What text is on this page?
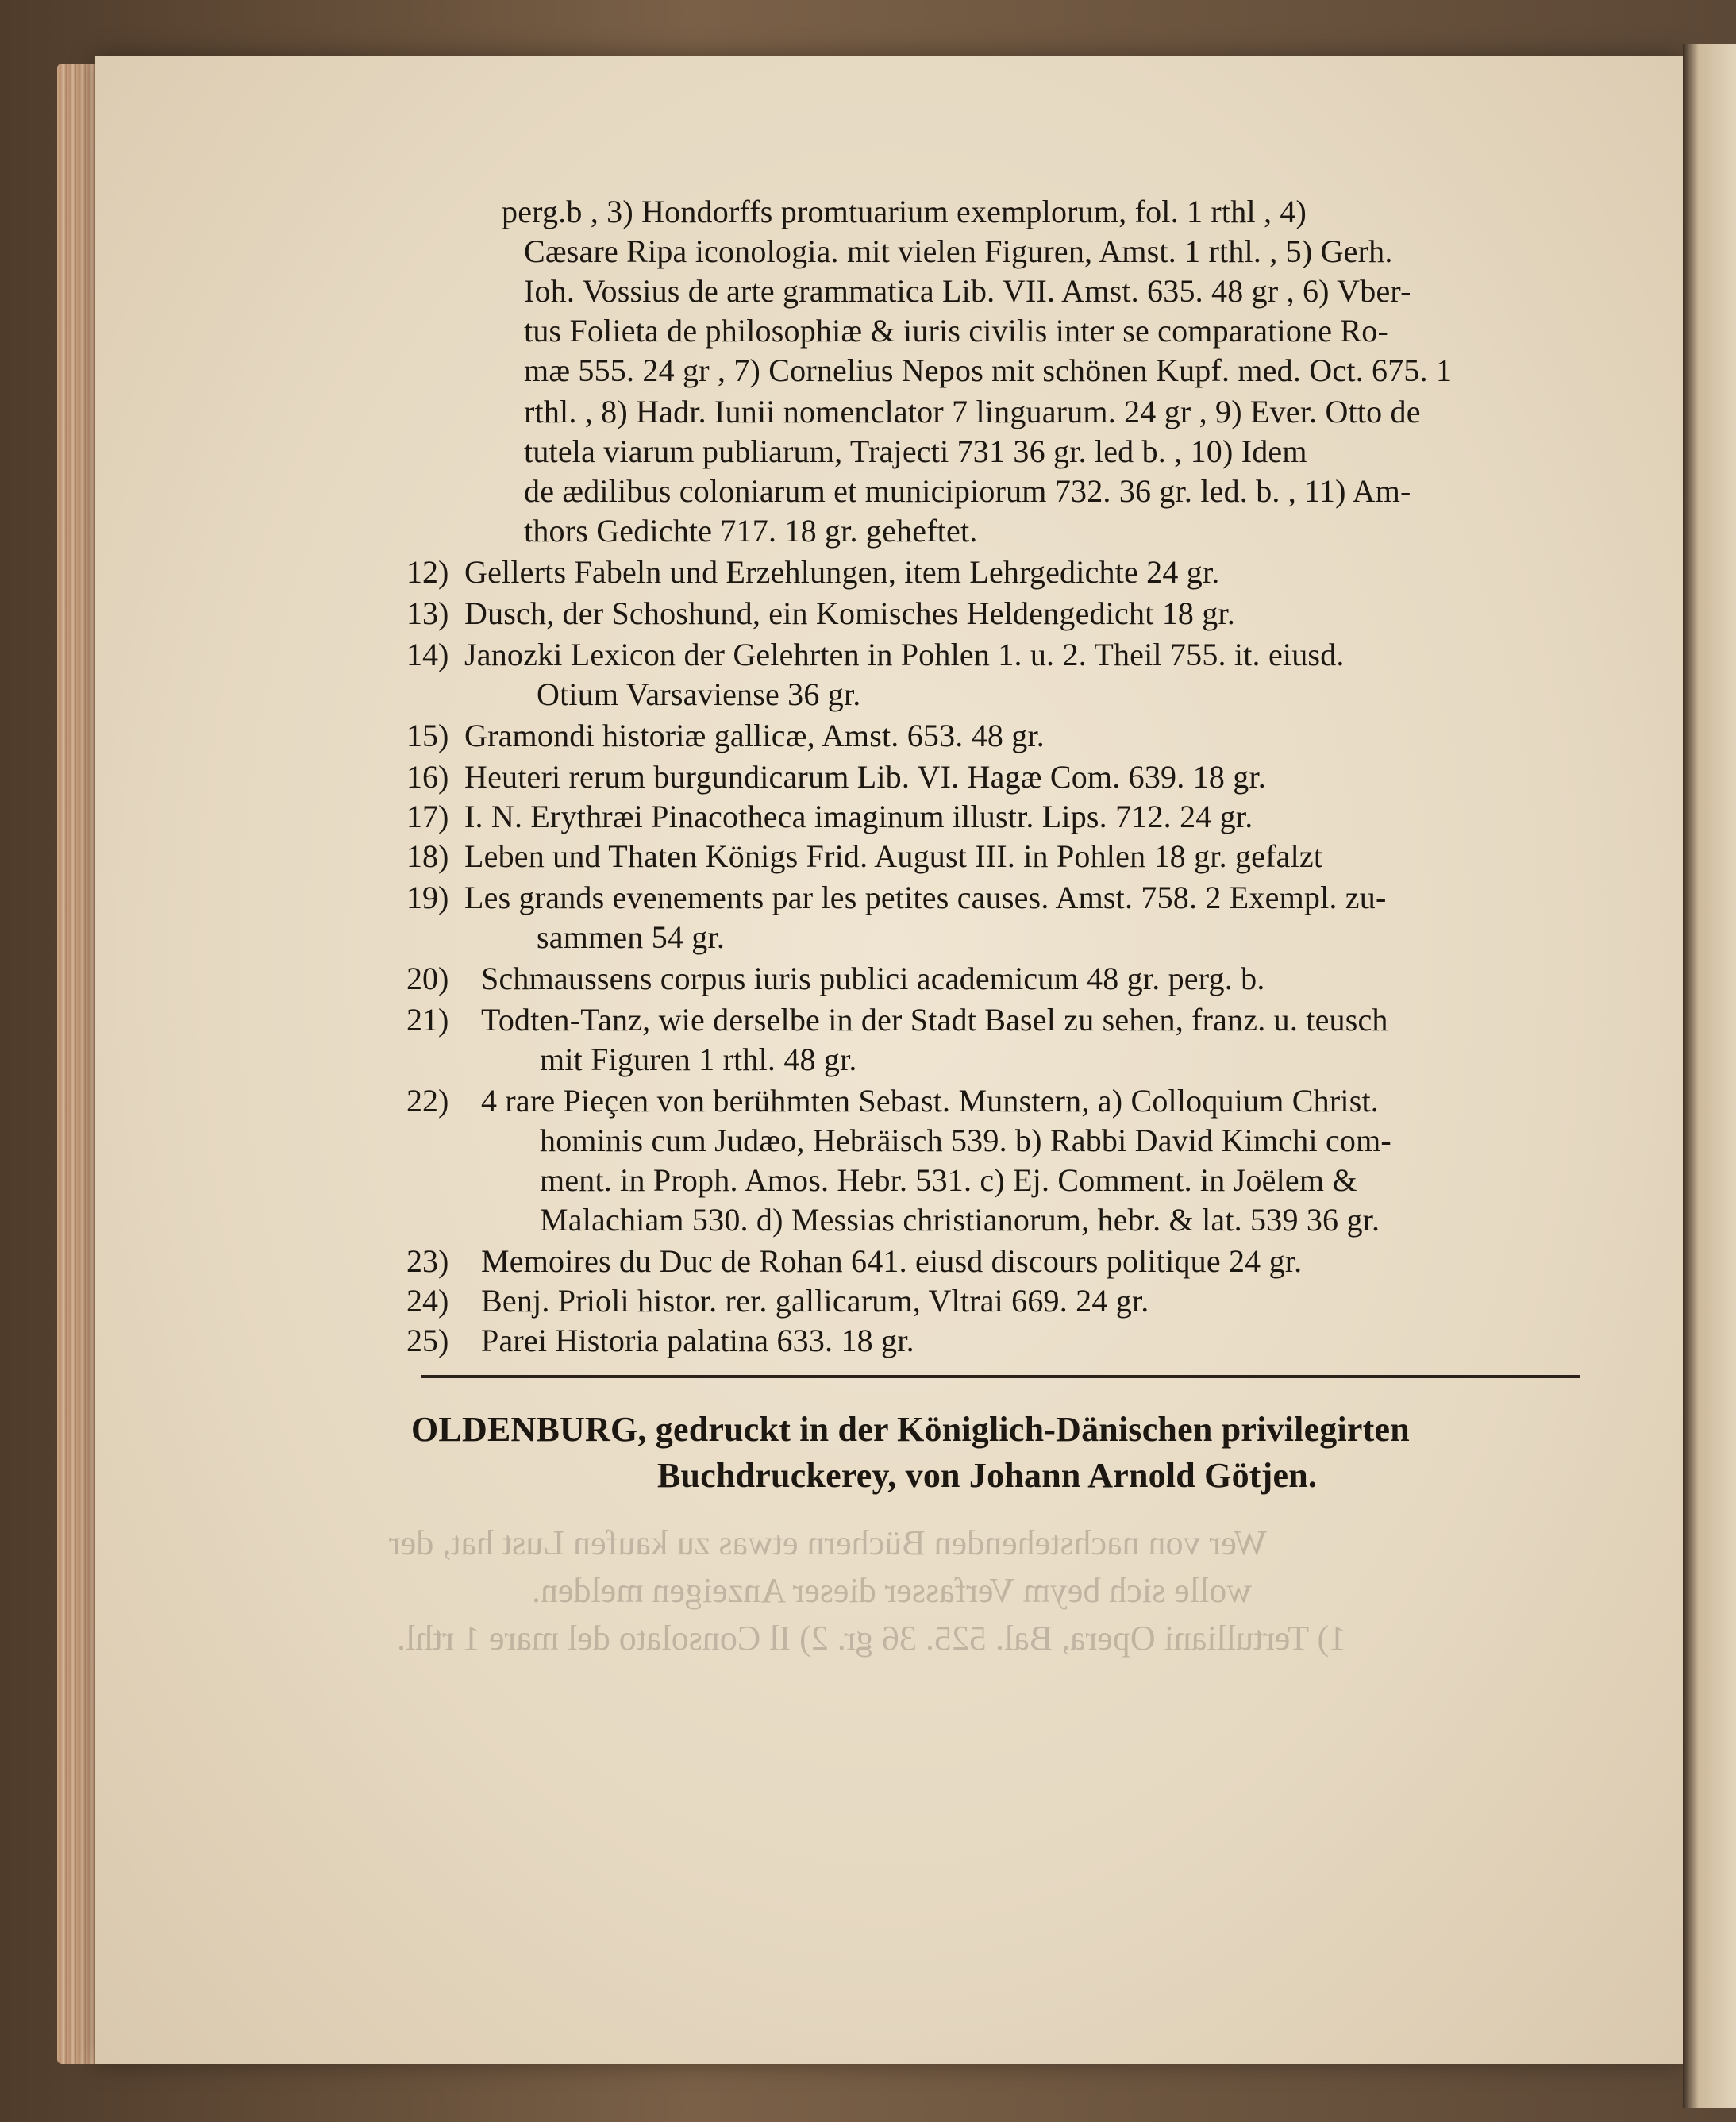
Wer von nachstehenden Büchern etwas zu kaufen Lust hat, der
wolle sich beym Verfasser dieser Anzeigen melden.
1) Tertulliani Opera, Bal. 525. 36 gr. 2) Il Consolato del mare 1 rthl.
perg.b , 3) Hondorffs promtuarium exemplorum, fol. 1 rthl , 4)
Cæsare Ripa iconologia. mit vielen Figuren, Amst. 1 rthl. , 5) Gerh.
Ioh. Vossius de arte grammatica Lib. VII. Amst. 635. 48 gr , 6) Vber-
tus Folieta de philosophiæ & iuris civilis inter se comparatione Ro-
mæ 555. 24 gr , 7) Cornelius Nepos mit schönen Kupf. med. Oct. 675. 1
rthl. , 8) Hadr. Iunii nomenclator 7 linguarum. 24 gr , 9) Ever. Otto de
tutela viarum publiarum, Trajecti 731 36 gr. led b. , 10) Idem
de ædilibus coloniarum et municipiorum 732. 36 gr. led. b. , 11) Am-
thors Gedichte 717. 18 gr. geheftet.
12) Gellerts Fabeln und Erzehlungen, item Lehrgedichte 24 gr.
13) Dusch, der Schoshund, ein Komisches Heldengedicht 18 gr.
14) Janozki Lexicon der Gelehrten in Pohlen 1. u. 2. Theil 755. it. eiusd.
Otium Varsaviense 36 gr.
15) Gramondi historiæ gallicæ, Amst. 653. 48 gr.
16) Heuteri rerum burgundicarum Lib. VI. Hagæ Com. 639. 18 gr.
17) I. N. Erythræi Pinacotheca imaginum illustr. Lips. 712. 24 gr.
18) Leben und Thaten Königs Frid. August III. in Pohlen 18 gr. gefalzt
19) Les grands evenements par les petites causes. Amst. 758. 2 Exempl. zu-
sammen 54 gr.
20) Schmaussens corpus iuris publici academicum 48 gr. perg. b.
21) Todten-Tanz, wie derselbe in der Stadt Basel zu sehen, franz. u. teusch
mit Figuren 1 rthl. 48 gr.
22) 4 rare Pieçen von berühmten Sebast. Munstern, a) Colloquium Christ.
hominis cum Judæo, Hebräisch 539. b) Rabbi David Kimchi com-
ment. in Proph. Amos. Hebr. 531. c) Ej. Comment. in Joëlem &
Malachiam 530. d) Messias christianorum, hebr. & lat. 539 36 gr.
23) Memoires du Duc de Rohan 641. eiusd discours politique 24 gr.
24) Benj. Prioli histor. rer. gallicarum, Vltrai 669. 24 gr.
25) Parei Historia palatina 633. 18 gr.
OLDENBURG, gedruckt in der Königlich-Dänischen privilegirten
Buchdruckerey, von Johann Arnold Götjen.
